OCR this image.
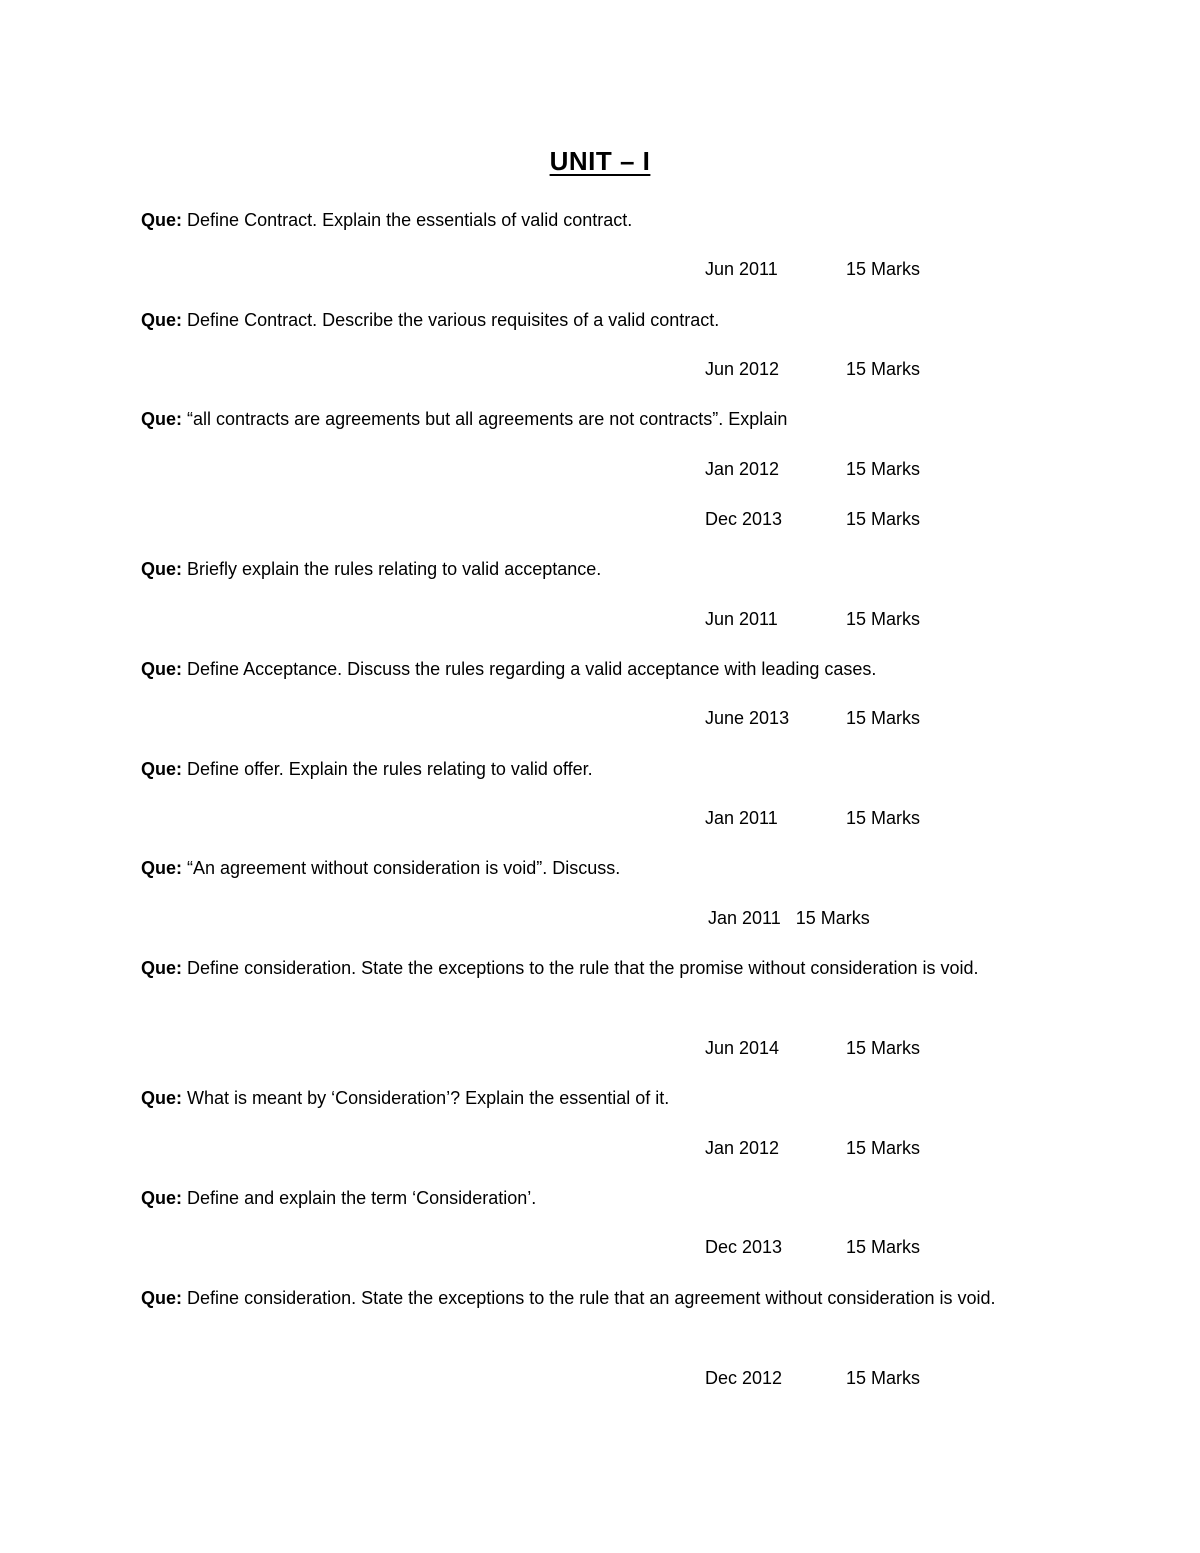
UNIT – I
Que: Define Contract. Explain the essentials of valid contract.
Jun 2011	15 Marks
Que: Define Contract. Describe the various requisites of a valid contract.
Jun 2012	15 Marks
Que: “all contracts are agreements but all agreements are not contracts”. Explain
Jan 2012	15 Marks
Dec 2013	15 Marks
Que: Briefly explain the rules relating to valid acceptance.
Jun 2011	15 Marks
Que: Define Acceptance. Discuss the rules regarding a valid acceptance with leading cases.
June 2013	15 Marks
Que: Define offer. Explain the rules relating to valid offer.
Jan 2011	15 Marks
Que: “An agreement without consideration is void”. Discuss.
Jan 2011 15 Marks
Que: Define consideration. State the exceptions to the rule that the promise without consideration is void.
Jun 2014	15 Marks
Que: What is meant by ‘Consideration’? Explain the essential of it.
Jan 2012	15 Marks
Que: Define and explain the term ‘Consideration’.
Dec 2013	15 Marks
Que: Define consideration. State the exceptions to the rule that an agreement without consideration is void.
Dec 2012	15 Marks
